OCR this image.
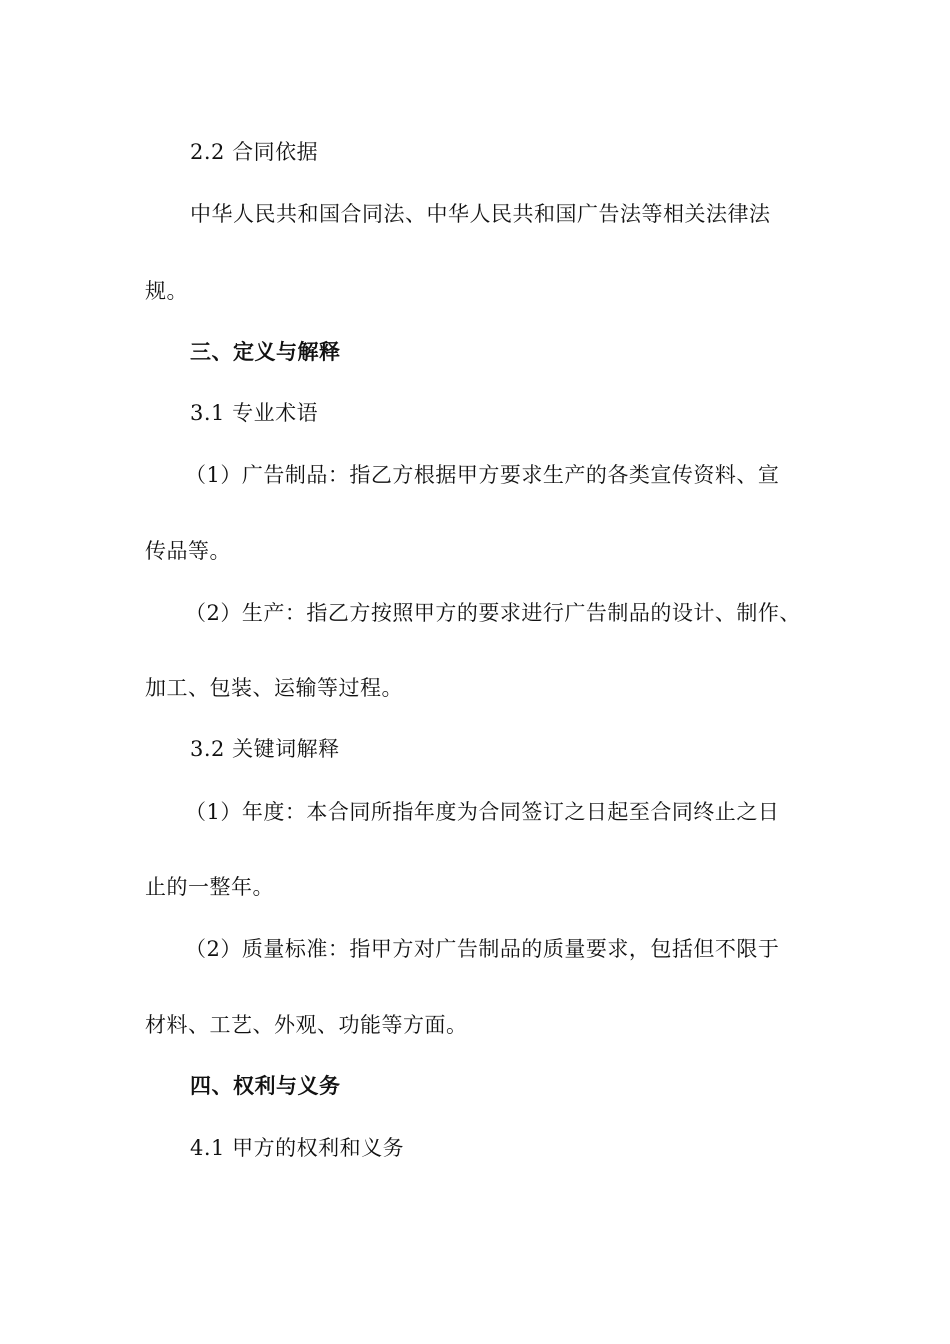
2.2 合同依据
中华人民共和国合同法、中华人民共和国广告法等相关法律法
规。
三、定义与解释
3.1 专业术语
（1）广告制品：指乙方根据甲方要求生产的各类宣传资料、宣
传品等。
（2）生产：指乙方按照甲方的要求进行广告制品的设计、制作、
加工、包装、运输等过程。
3.2 关键词解释
（1）年度：本合同所指年度为合同签订之日起至合同终止之日
止的一整年。
（2）质量标准：指甲方对广告制品的质量要求，包括但不限于
材料、工艺、外观、功能等方面。
四、权利与义务
4.1 甲方的权利和义务
